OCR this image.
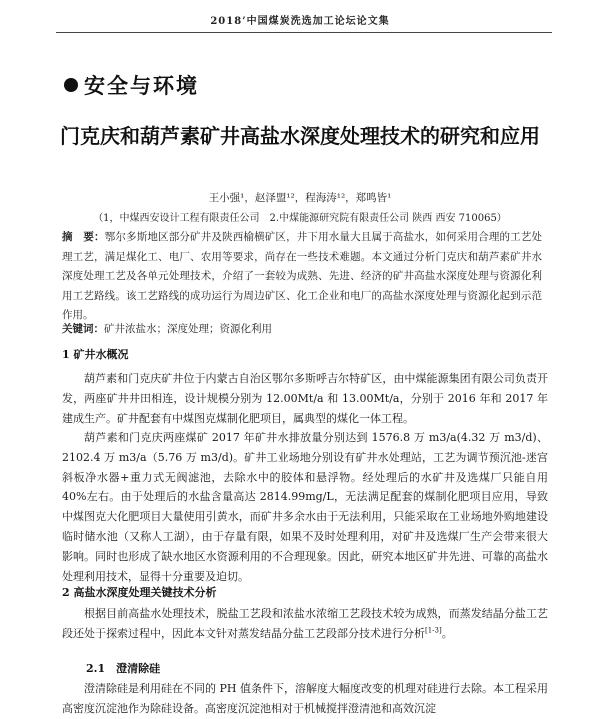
2018’中国煤炭洗选加工论坛论文集
安全与环境
门克庆和葫芦素矿井高盐水深度处理技术的研究和应用
王小强¹，赵泽盟¹²，程海涛¹²，郑鸣皆¹
（1，中煤西安设计工程有限责任公司　2.中煤能源研究院有限责任公司 陕西 西安 710065）
摘　要：鄂尔多斯地区部分矿井及陕西榆横矿区，井下用水量大且属于高盐水，如何采用合理的工艺处理工艺，满足煤化工、电厂、农用等要求，尚存在一些技术难题。本文通过分析门克庆和葫芦素矿井水深度处理工艺及各单元处理技术，介绍了一套较为成熟、先进、经济的矿井高盐水深度处理与资源化利用工艺路线。该工艺路线的成功运行为周边矿区、化工企业和电厂的高盐水深度处理与资源化起到示范作用。
关键词：矿井浓盐水；深度处理；资源化利用
1 矿井水概况
葫芦素和门克庆矿井位于内蒙古自治区鄂尔多斯呼吉尔特矿区，由中煤能源集团有限公司负责开发，两座矿井井田相连，设计规模分别为 12.00Mt/a 和 13.00Mt/a，分别于 2016 年和 2017 年建成生产。矿井配套有中煤图克煤制化肥项目，属典型的煤化一体工程。
葫芦素和门克庆两座煤矿 2017 年矿井水排放量分别达到 1576.8 万 m3/a(4.32 万 m3/d)、2102.4 万 m3/a（5.76 万 m3/d)。矿井工业场地分别设有矿井水处理站，工艺为调节预沉池-迷宫斜板净水器+重力式无阀滤池，去除水中的胶体和悬浮物。经处理后的水矿井及选煤厂只能自用 40%左右。由于处理后的水盐含量高达 2814.99mg/L，无法满足配套的煤制化肥项目应用，导致中煤图克大化肥项目大量使用引黄水，而矿井多余水由于无法利用，只能采取在工业场地外购地建设临时储水池（又称人工湖），由于存量有限，如果不及时处理利用，对矿井及选煤厂生产会带来很大影响。同时也形成了缺水地区水资源利用的不合理现象。因此，研究本地区矿井先进、可靠的高盐水处理利用技术，显得十分重要及迫切。
2 高盐水深度处理关键技术分析
根据目前高盐水处理技术，脱盐工艺段和浓盐水浓缩工艺段技术较为成熟，而蒸发结晶分盐工艺段还处于探索过程中，因此本文针对蒸发结晶分盐工艺段部分技术进行分析[1-3]。
2.1　澄清除硅
澄清除硅是利用硅在不同的 PH 值条件下，溶解度大幅度改变的机理对硅进行去除。本工程采用高密度沉淀池作为除硅设备。高密度沉淀池相对于机械搅拌澄清池和高效沉淀
